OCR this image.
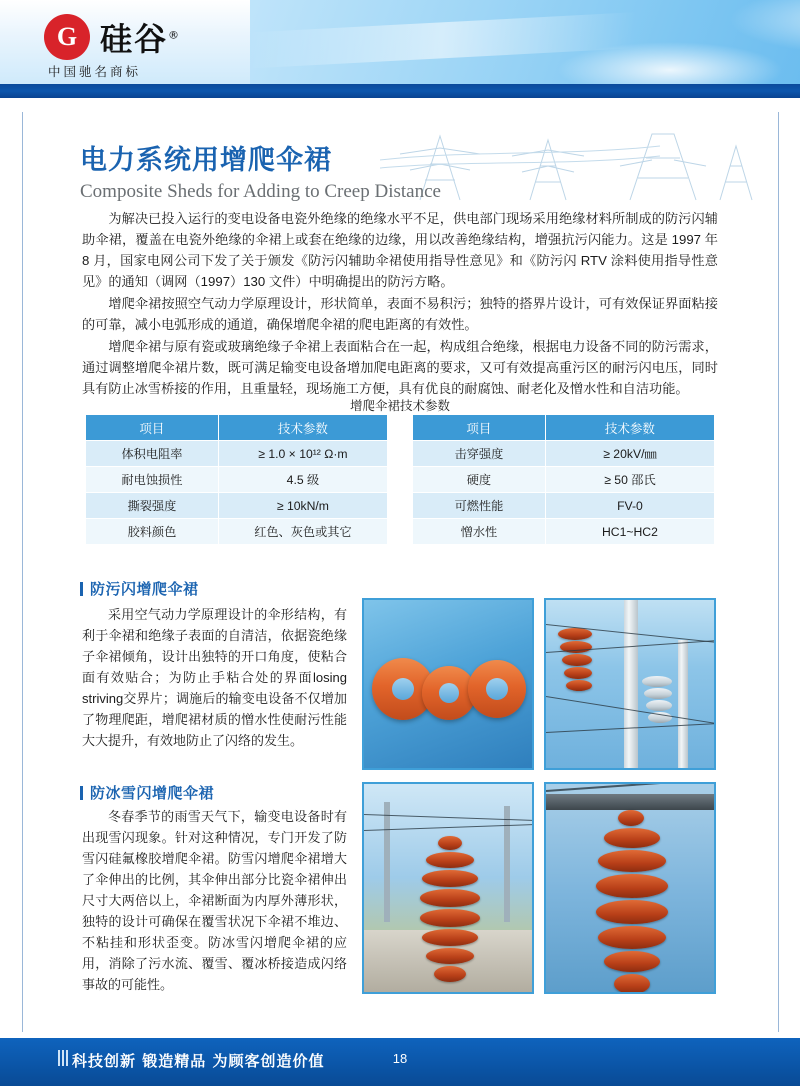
G 硅谷®
中国驰名商标
电力系统用增爬伞裙
Composite Sheds for Adding to Creep Distance

为解决已投入运行的变电设备电瓷外绝缘的绝缘水平不足，供电部门现场采用绝缘材料所制成的防污闪辅助伞裙，覆盖在电瓷外绝缘的伞裙上或套在绝缘的边缘，用以改善绝缘结构，增强抗污闪能力。这是 1997 年 8 月，国家电网公司下发了关于颁发《防污闪辅助伞裙使用指导性意见》和《防污闪 RTV 涂料使用指导性意见》的通知（调网（1997）130 文件）中明确提出的防污方略。

增爬伞裙按照空气动力学原理设计，形状简单，表面不易积污；独特的搭界片设计，可有效保证界面粘接的可靠，减小电弧形成的通道，确保增爬伞裙的爬电距离的有效性。

增爬伞裙与原有瓷或玻璃绝缘子伞裙上表面粘合在一起，构成组合绝缘，根据电力设备不同的防污需求，通过调整增爬伞裙片数，既可满足输变电设备增加爬电距离的要求，又可有效提高重污区的耐污闪电压，同时具有防止冰雪桥接的作用，且重量轻，现场施工方便，具有优良的耐腐蚀、耐老化及憎水性和自洁功能。

增爬伞裙技术参数
项目	技术参数
体积电阻率	≥ 1.0 × 10¹² Ω·m
耐电蚀损性	4.5 级
撕裂强度	≥ 10kN/m
胶料颜色	红色、灰色或其它
项目	技术参数
击穿强度	≥ 20kV/㎜
硬度	≥ 50 邵氏
可燃性能	FV-0
憎水性	HC1~HC2
防污闪增爬伞裙

采用空气动力学原理设计的伞形结构，有利于伞裙和绝缘子表面的自清洁，依据瓷绝缘子伞裙倾角，设计出独特的开口角度，使粘合面有效贴合；为防止手粘合处的界面losing striving交界片；调施后的输变电设备不仅增加了物理爬距，增爬裙材质的憎水性使耐污性能大大提升，有效地防止了闪络的发生。

防冰雪闪增爬伞裙

冬春季节的雨雪天气下，输变电设备时有出现雪闪现象。针对这种情况，专门开发了防雪闪硅氟橡胶增爬伞裙。防雪闪增爬伞裙增大了伞伸出的比例，其伞伸出部分比瓷伞裙伸出尺寸大两倍以上，伞裙断面为内厚外薄形状，独特的设计可确保在覆雪状况下伞裙不堆边、不粘挂和形状歪变。防冰雪闪增爬伞裙的应用，消除了污水流、覆雪、覆冰桥接造成闪络事故的可能性。

科技创新 锻造精品 为顾客创造价值	18
